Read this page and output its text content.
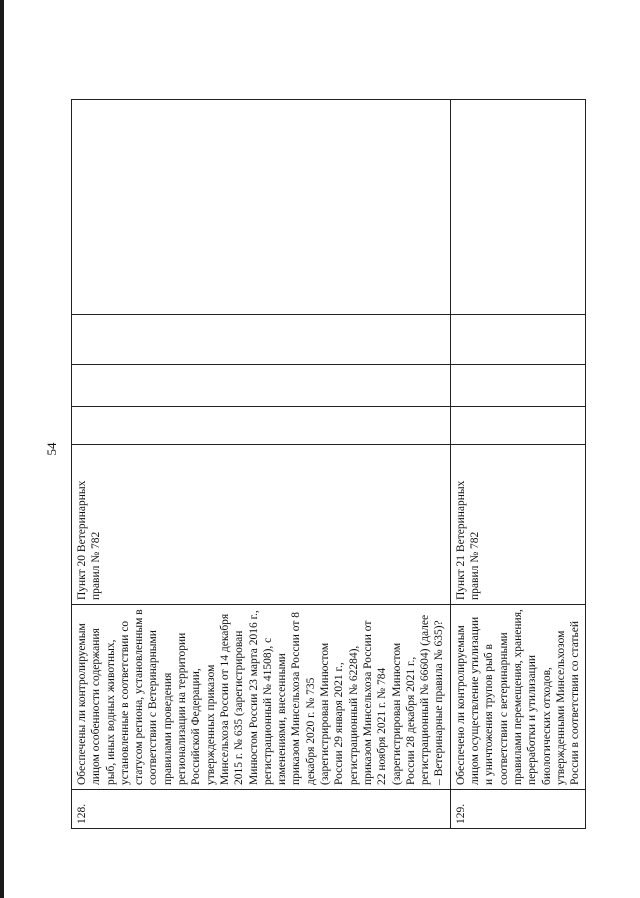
54
128.	Обеспечены ли контролируемым лицом особенности содержания рыб, иных водных животных, установленные в соответствии со статусом региона, установленным в соответствии с Ветеринарными правилами проведения регионализации на территории Российской Федерации, утвержденных приказом Минсельхоза России от 14 декабря 2015 г. № 635 (зарегистрирован Минюстом России 23 марта 2016 г., регистрационный № 41508), с изменениями, внесенными приказом Минсельхоза России от 8 декабря 2020 г. № 735 (зарегистрирован Минюстом России 29 января 2021 г., регистрационный № 62284), приказом Минсельхоза России от 22 ноября 2021 г. № 784 (зарегистрирован Минюстом России 28 декабря 2021 г., регистрационный № 66604) (далее – Ветеринарные правила № 635)?	Пункт 20 Ветеринарных правил № 782				
129.	Обеспечено ли контролируемым лицом осуществление утилизации и уничтожения трупов рыб в соответствии с ветеринарными правилами перемещения, хранения, переработки и утилизации биологических отходов, утвержденными Минсельхозом России в соответствии со статьей	Пункт 21 Ветеринарных правил № 782				
